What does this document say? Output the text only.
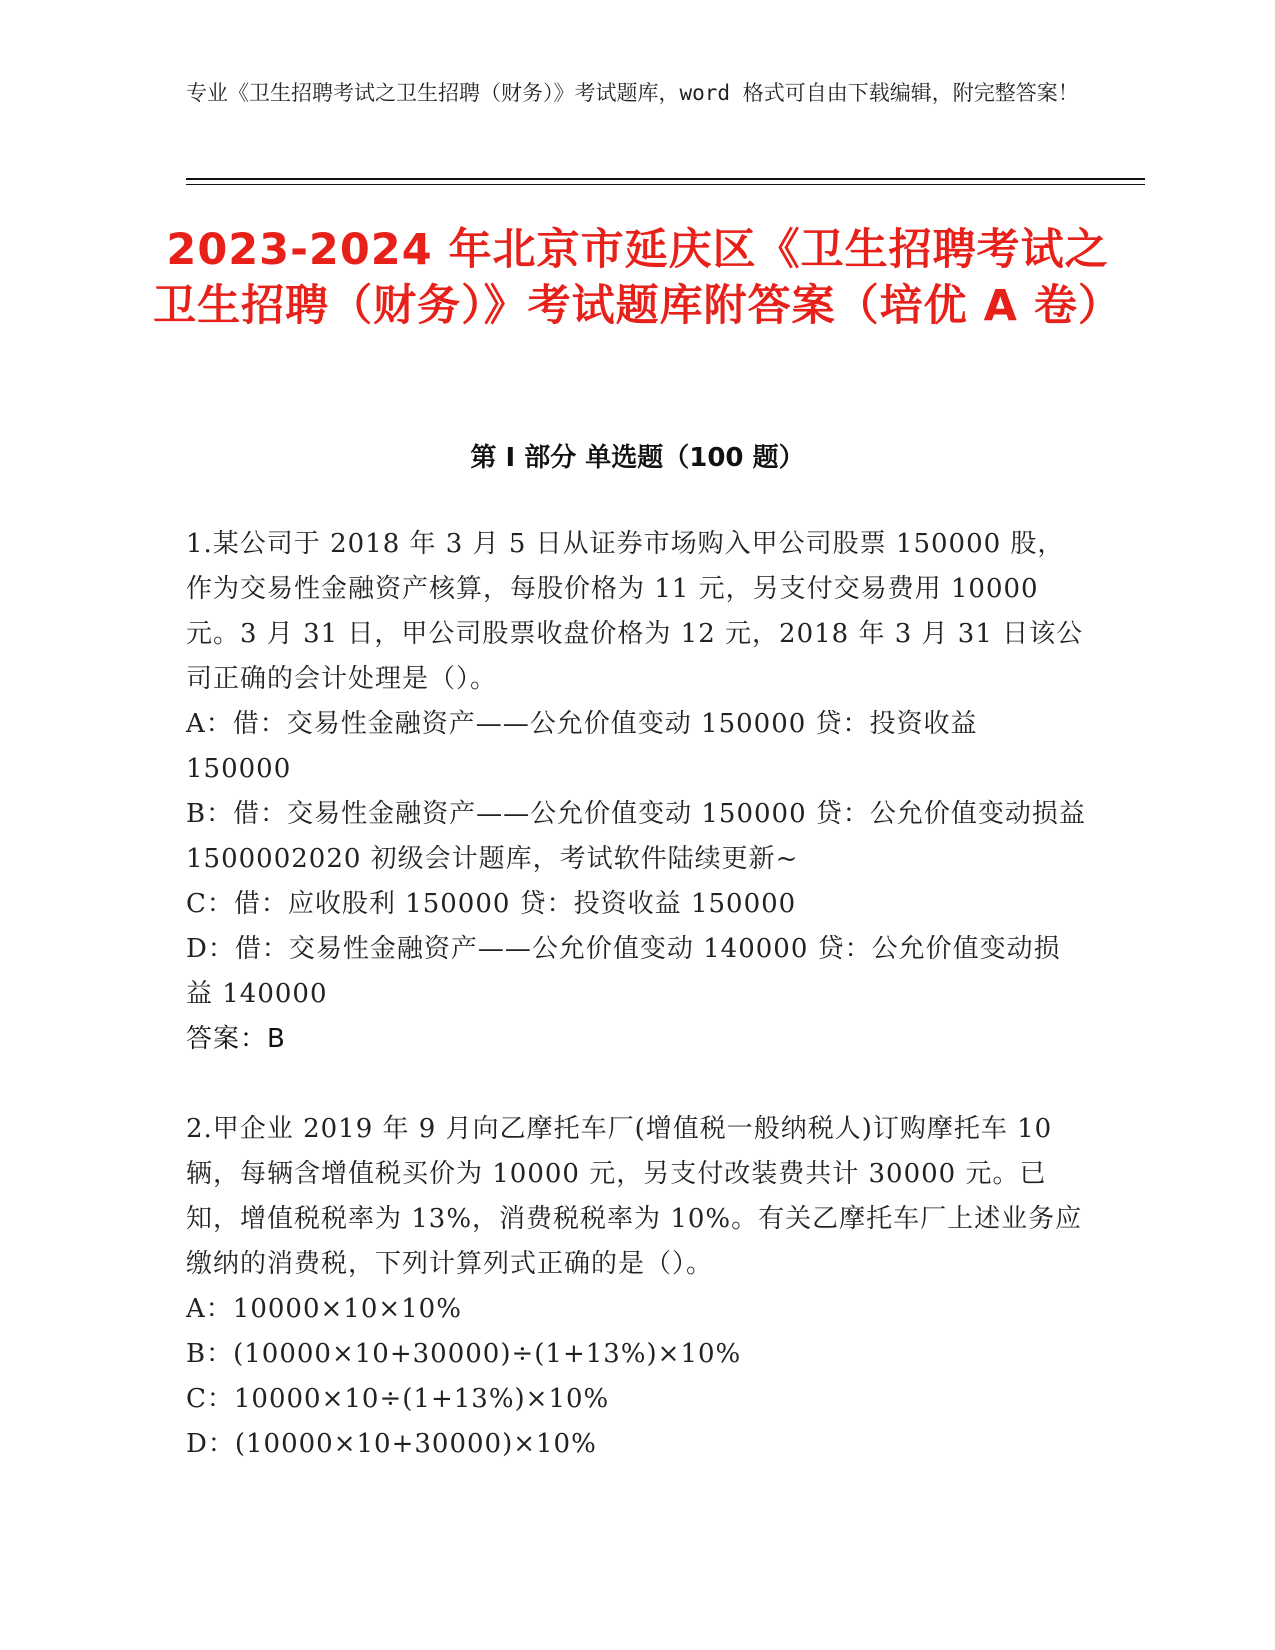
专业《卫生招聘考试之卫生招聘（财务）》考试题库，word 格式可自由下载编辑，附完整答案！
2023-2024 年北京市延庆区《卫生招聘考试之卫生招聘（财务）》考试题库附答案（培优 A 卷）
第 I 部分 单选题（100 题）
1.某公司于 2018 年 3 月 5 日从证券市场购入甲公司股票 150000 股，作为交易性金融资产核算，每股价格为 11 元，另支付交易费用 10000 元。3 月 31 日，甲公司股票收盘价格为 12 元，2018 年 3 月 31 日该公司正确的会计处理是（）。
A：借：交易性金融资产——公允价值变动 150000 贷：投资收益 150000
B：借：交易性金融资产——公允价值变动 150000 贷：公允价值变动损益 1500002020 初级会计题库，考试软件陆续更新~
C：借：应收股利 150000 贷：投资收益 150000
D：借：交易性金融资产——公允价值变动 140000 贷：公允价值变动损益 140000
答案：B
2.甲企业 2019 年 9 月向乙摩托车厂(增值税一般纳税人)订购摩托车 10 辆，每辆含增值税买价为 10000 元，另支付改装费共计 30000 元。已知，增值税税率为 13%，消费税税率为 10%。有关乙摩托车厂上述业务应缴纳的消费税，下列计算列式正确的是（）。
A：10000×10×10%
B：(10000×10+30000)÷(1+13%)×10%
C：10000×10÷(1+13%)×10%
D：(10000×10+30000)×10%
